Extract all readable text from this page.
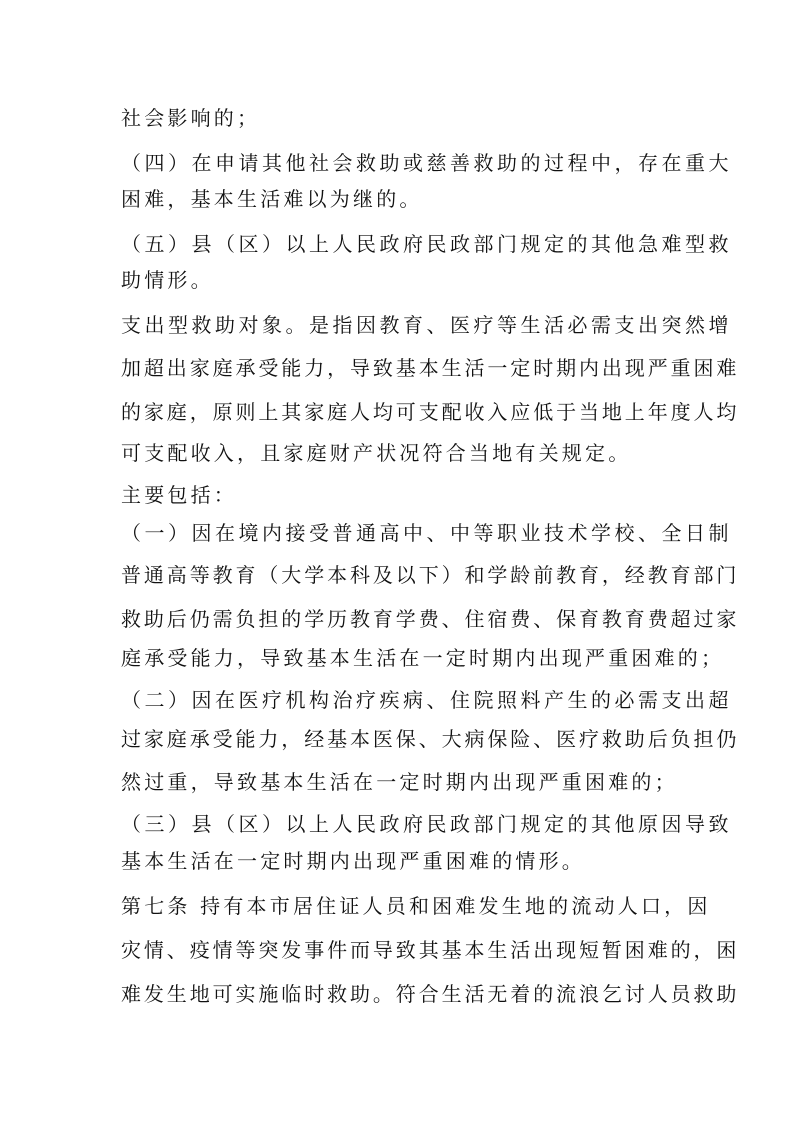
社会影响的；
（四）在申请其他社会救助或慈善救助的过程中，存在重大
困难，基本生活难以为继的。
（五）县（区）以上人民政府民政部门规定的其他急难型救
助情形。
支出型救助对象。是指因教育、医疗等生活必需支出突然增
加超出家庭承受能力，导致基本生活一定时期内出现严重困难
的家庭，原则上其家庭人均可支配收入应低于当地上年度人均
可支配收入，且家庭财产状况符合当地有关规定。
主要包括：
（一）因在境内接受普通高中、中等职业技术学校、全日制
普通高等教育（大学本科及以下）和学龄前教育，经教育部门
救助后仍需负担的学历教育学费、住宿费、保育教育费超过家
庭承受能力，导致基本生活在一定时期内出现严重困难的；
（二）因在医疗机构治疗疾病、住院照料产生的必需支出超
过家庭承受能力，经基本医保、大病保险、医疗救助后负担仍
然过重，导致基本生活在一定时期内出现严重困难的；
（三）县（区）以上人民政府民政部门规定的其他原因导致
基本生活在一定时期内出现严重困难的情形。
第七条 持有本市居住证人员和困难发生地的流动人口，因
灾情、疫情等突发事件而导致其基本生活出现短暂困难的，困
难发生地可实施临时救助。符合生活无着的流浪乞讨人员救助
